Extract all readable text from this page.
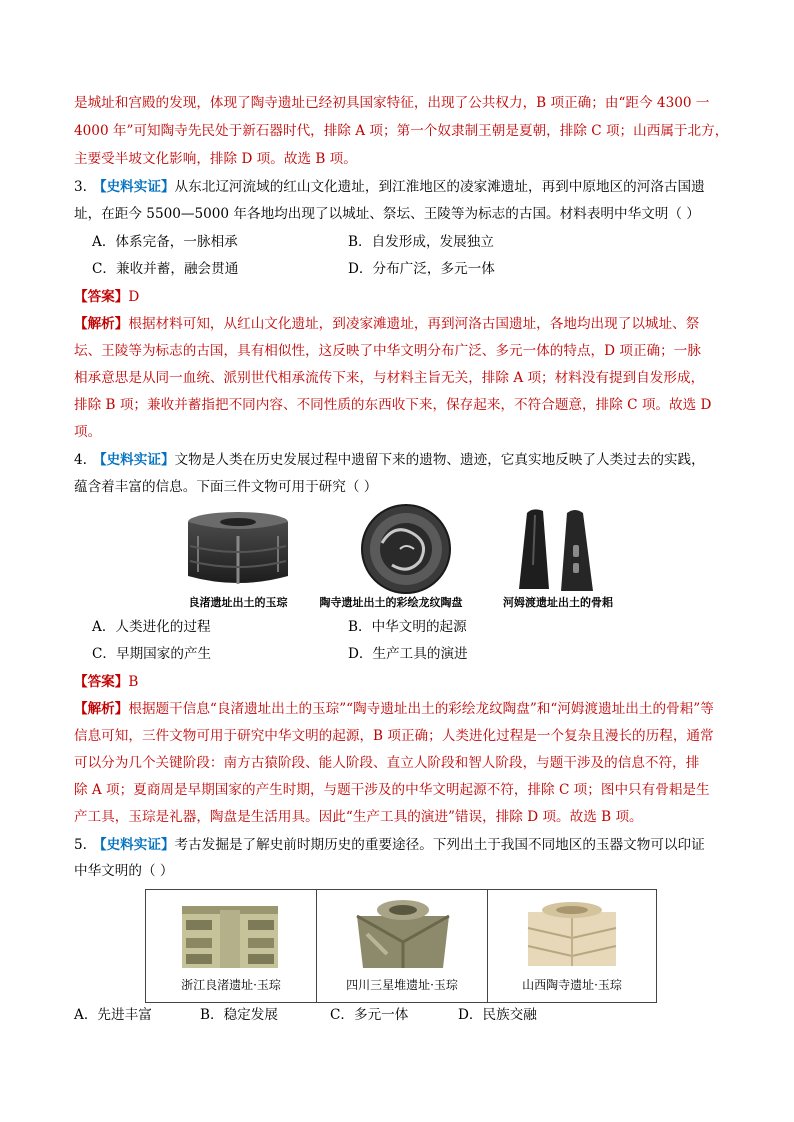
是城址和宫殿的发现，体现了陶寺遗址已经初具国家特征，出现了公共权力，B 项正确；由“距今 4300 一
4000 年”可知陶寺先民处于新石器时代，排除 A 项；第一个奴隶制王朝是夏朝，排除 C 项；山西属于北方，
主要受半坡文化影响，排除 D 项。故选 B 项。
3. 【史料实证】从东北辽河流域的红山文化遗址，到江淮地区的凌家滩遗址，再到中原地区的河洛古国遗
址，在距今 5500—5000 年各地均出现了以城址、祭坛、王陵等为标志的古国。材料表明中华文明（ ）
A．体系完备，一脉相承	B．自发形成，发展独立
C．兼收并蓄，融会贯通	D．分布广泛，多元一体
【答案】D
【解析】根据材料可知，从红山文化遗址，到凌家滩遗址，再到河洛古国遗址，各地均出现了以城址、祭
坛、王陵等为标志的古国，具有相似性，这反映了中华文明分布广泛、多元一体的特点，D 项正确；一脉
相承意思是从同一血统、派别世代相承流传下来，与材料主旨无关，排除 A 项；材料没有提到自发形成，
排除 B 项；兼收并蓄指把不同内容、不同性质的东西收下来，保存起来，不符合题意，排除 C 项。故选 D
项。
4. 【史料实证】文物是人类在历史发展过程中遗留下来的遗物、遗迹，它真实地反映了人类过去的实践，
蕴含着丰富的信息。下面三件文物可用于研究（ ）
良渚遗址出土的玉琮	陶寺遗址出土的彩绘龙纹陶盘	河姆渡遗址出土的骨耜
A．人类进化的过程	B．中华文明的起源
C．早期国家的产生	D．生产工具的演进
【答案】B
【解析】根据题干信息“良渚遗址出土的玉琮”“陶寺遗址出土的彩绘龙纹陶盘”和“河姆渡遗址出土的骨耜”等
信息可知，三件文物可用于研究中华文明的起源，B 项正确；人类进化过程是一个复杂且漫长的历程，通常
可以分为几个关键阶段：南方古猿阶段、能人阶段、直立人阶段和智人阶段，与题干涉及的信息不符，排
除 A 项；夏商周是早期国家的产生时期，与题干涉及的中华文明起源不符，排除 C 项；图中只有骨耜是生
产工具，玉琮是礼器，陶盘是生活用具。因此“生产工具的演进”错误，排除 D 项。故选 B 项。
5. 【史料实证】考古发掘是了解史前时期历史的重要途径。下列出土于我国不同地区的玉器文物可以印证
中华文明的（ ）
浙江良渚遗址·玉琮	四川三星堆遗址·玉琮	山西陶寺遗址·玉琮
A．先进丰富	B．稳定发展	C．多元一体	D．民族交融
